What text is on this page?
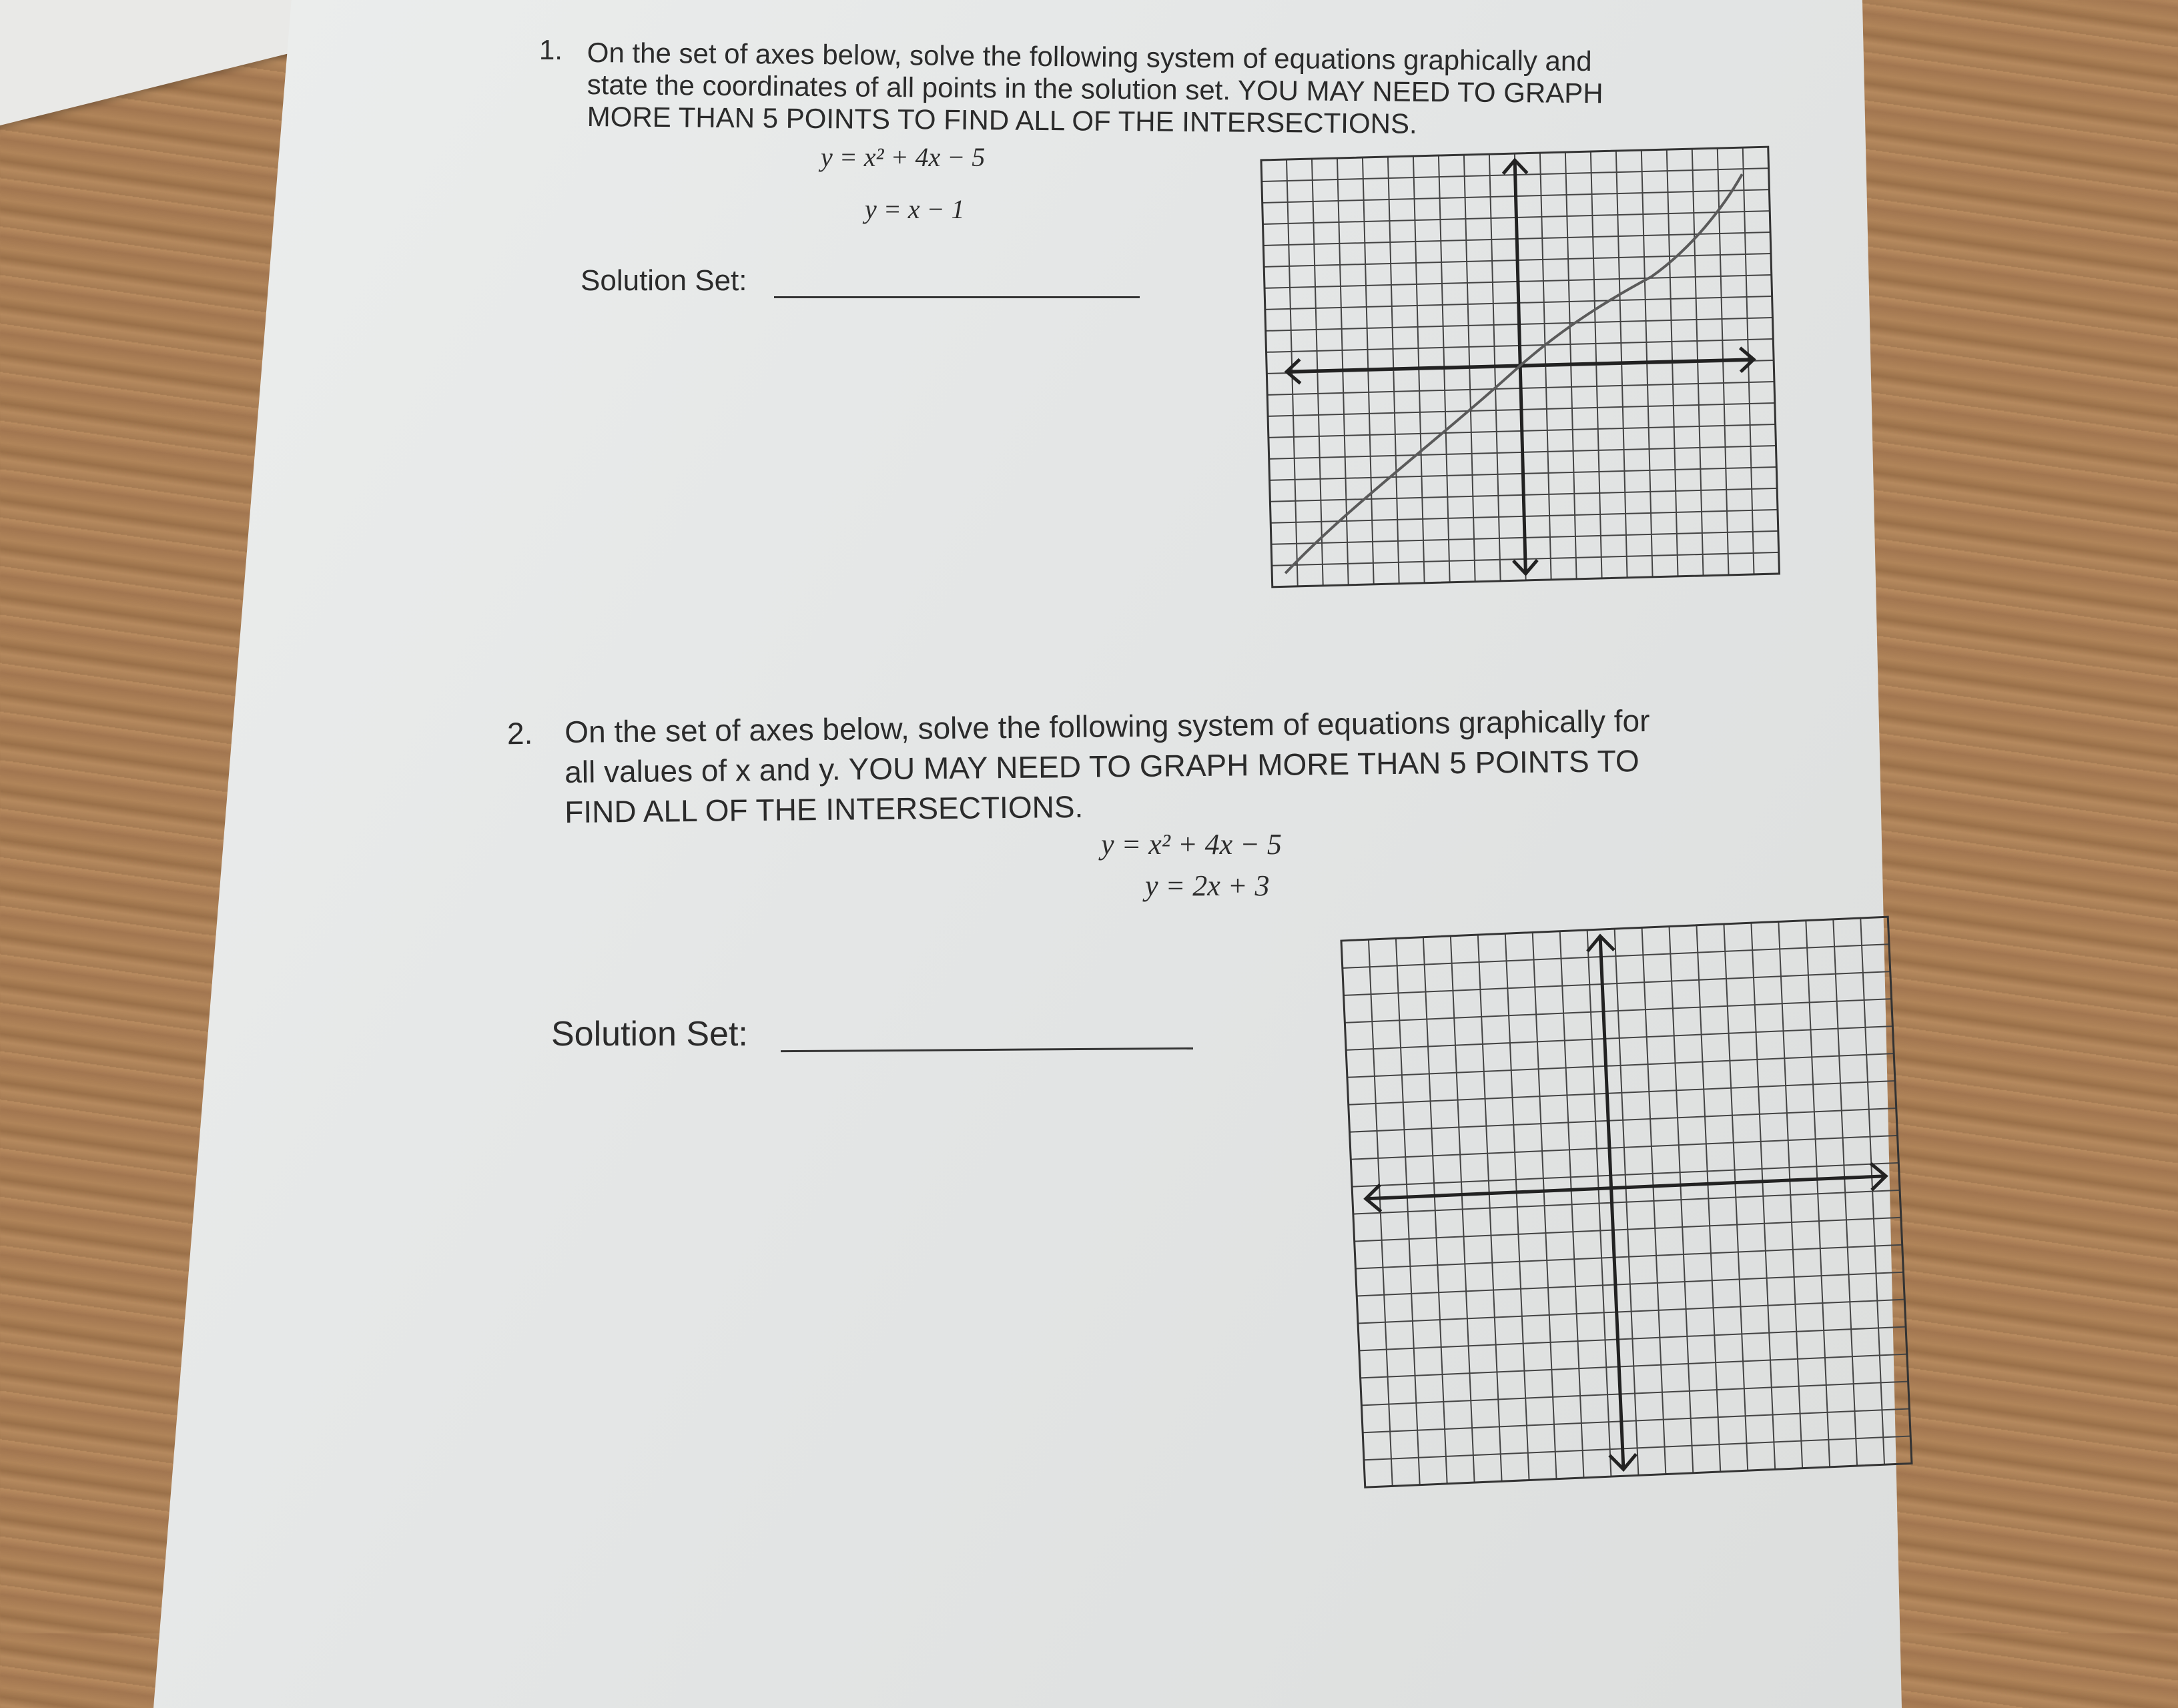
1. On the set of axes below, solve the following system of equations graphically and
state the coordinates of all points in the solution set. YOU MAY NEED TO GRAPH
MORE THAN 5 POINTS TO FIND ALL OF THE INTERSECTIONS.
y = x² + 4x − 5
y = x − 1
Solution Set:
2. On the set of axes below, solve the following system of equations graphically for
all values of x and y. YOU MAY NEED TO GRAPH MORE THAN 5 POINTS TO
FIND ALL OF THE INTERSECTIONS.
y = x² + 4x − 5
y = 2x + 3
Solution Set:
